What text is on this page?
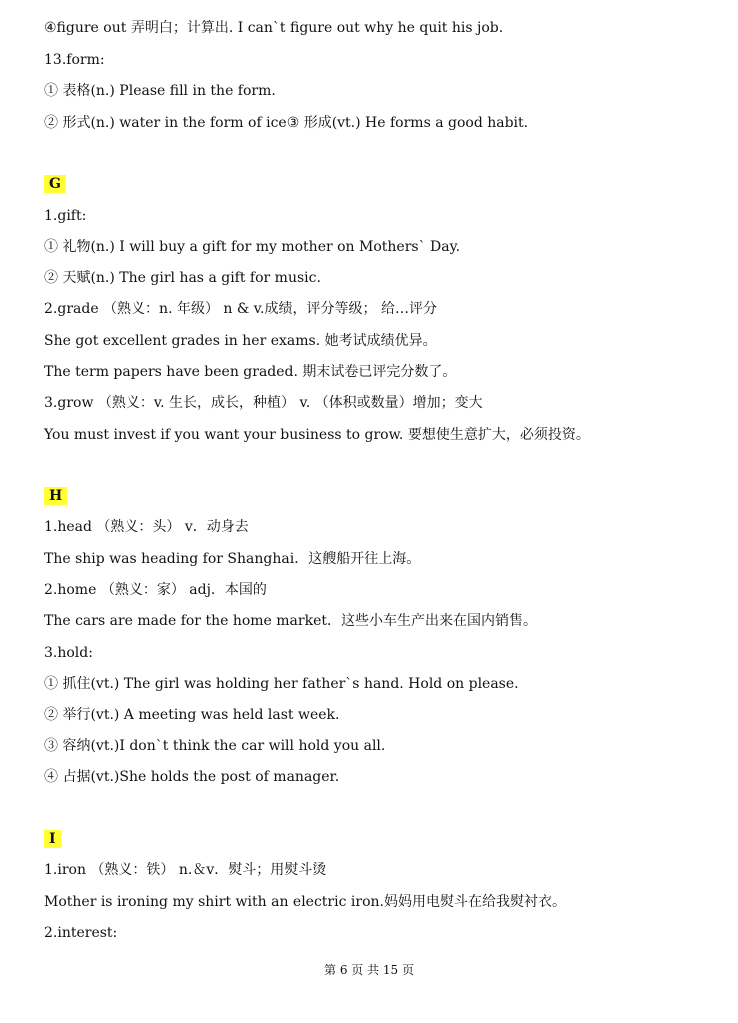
④figure out 弄明白；计算出. I can`t figure out why he quit his job.
13.form:
① 表格(n.) Please fill in the form.
② 形式(n.) water in the form of ice③ 形成(vt.) He forms a good habit.
G
1.gift:
① 礼物(n.) I will buy a gift for my mother on Mothers` Day.
② 天赋(n.) The girl has a gift for music.
2.grade （熟义：n. 年级） n & v.成绩，评分等级； 给…评分
She got excellent grades in her exams. 她考试成绩优异。
The term papers have been graded. 期末试卷已评完分数了。
3.grow （熟义：v. 生长，成长，种植） v. （体积或数量）增加；变大
You must invest if you want your business to grow. 要想使生意扩大，必须投资。
H
1.head （熟义：头） v．动身去
The ship was heading for Shanghai．这艘船开往上海。
2.home （熟义：家） adj．本国的
The cars are made for the home market．这些小车生产出来在国内销售。
3.hold:
① 抓住(vt.) The girl was holding her father`s hand. Hold on please.
② 举行(vt.) A meeting was held last week.
③ 容纳(vt.)I don`t think the car will hold you all.
④ 占据(vt.)She holds the post of manager.
I
1.iron （熟义：铁） n.＆v．熨斗；用熨斗烫
Mother is ironing my shirt with an electric iron.妈妈用电熨斗在给我熨衬衣。
2.interest:
第 6 页 共 15 页
